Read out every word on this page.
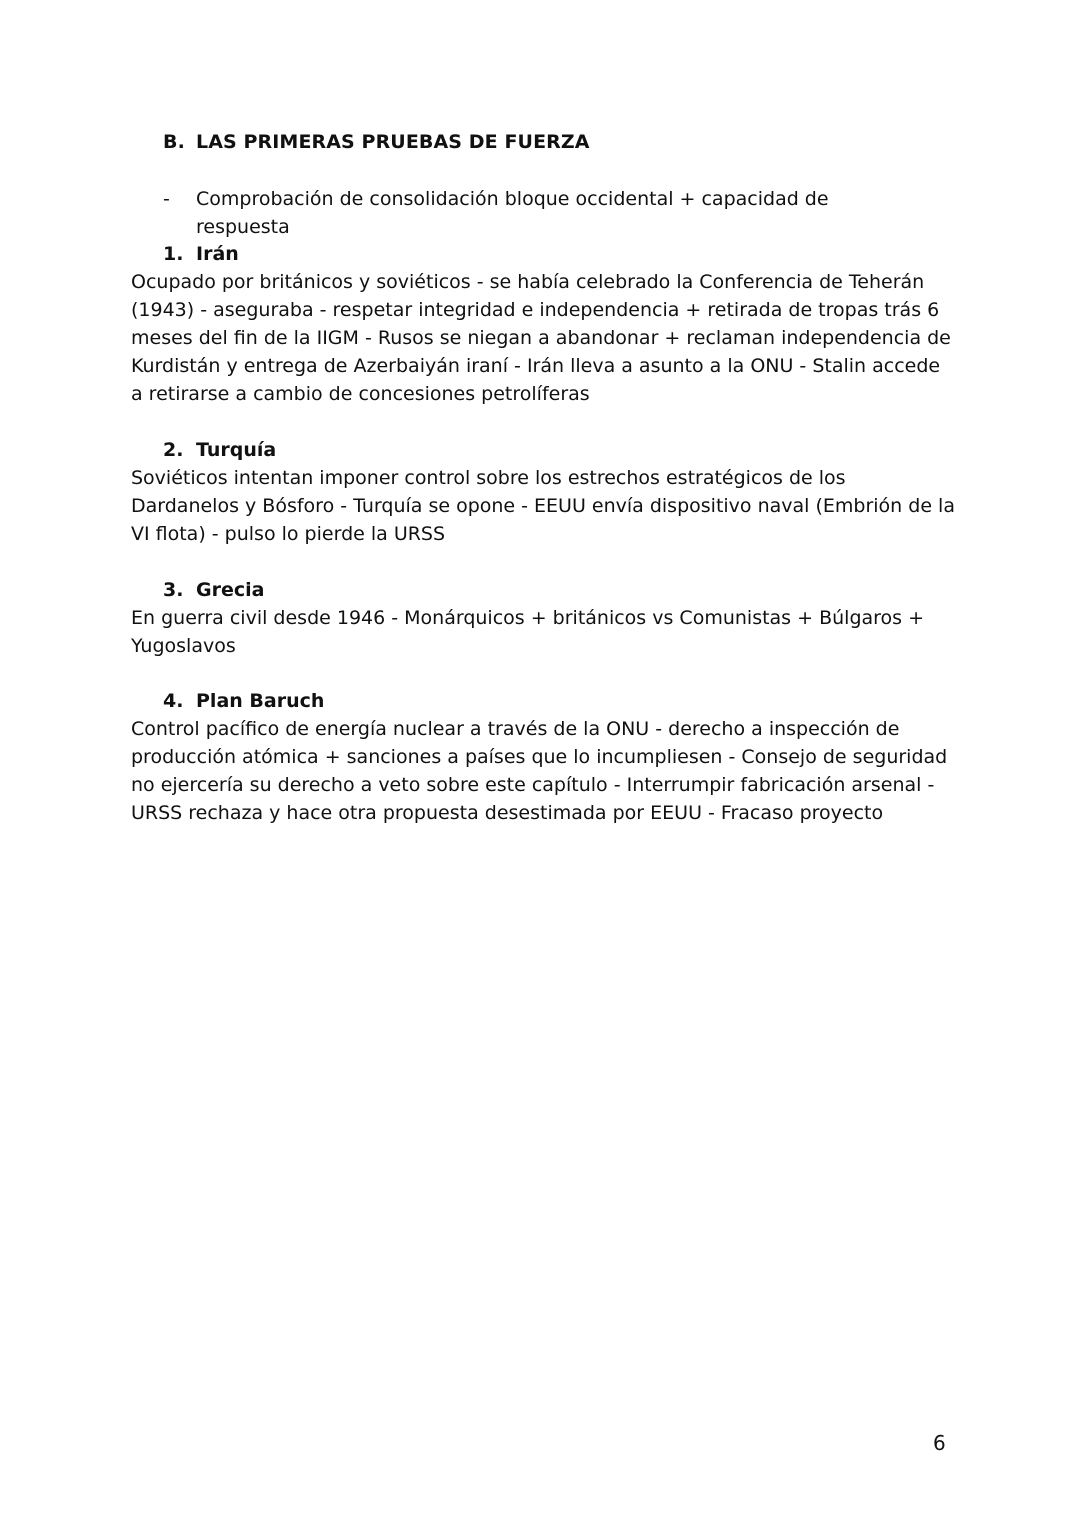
B. LAS PRIMERAS PRUEBAS DE FUERZA
-	Comprobación de consolidación bloque occidental + capacidad de respuesta
1. Irán

Ocupado por británicos y soviéticos - se había celebrado la Conferencia de Teherán (1943) - aseguraba - respetar integridad e independencia + retirada de tropas trás 6 meses del fin de la IIGM - Rusos se niegan a abandonar + reclaman independencia de Kurdistán y entrega de Azerbaiyán iraní - Irán lleva a asunto a la ONU - Stalin accede a retirarse a cambio de concesiones petrolíferas

2. Turquía

Soviéticos intentan imponer control sobre los estrechos estratégicos de los Dardanelos y Bósforo - Turquía se opone - EEUU envía dispositivo naval (Embrión de la VI flota) - pulso lo pierde la URSS

3. Grecia

En guerra civil desde 1946 - Monárquicos + británicos vs Comunistas + Búlgaros + Yugoslavos

4. Plan Baruch

Control pacífico de energía nuclear a través de la ONU - derecho a inspección de producción atómica + sanciones a países que lo incumpliesen - Consejo de seguridad no ejercería su derecho a veto sobre este capítulo - Interrumpir fabricación arsenal - URSS rechaza y hace otra propuesta desestimada por EEUU - Fracaso proyecto

6
